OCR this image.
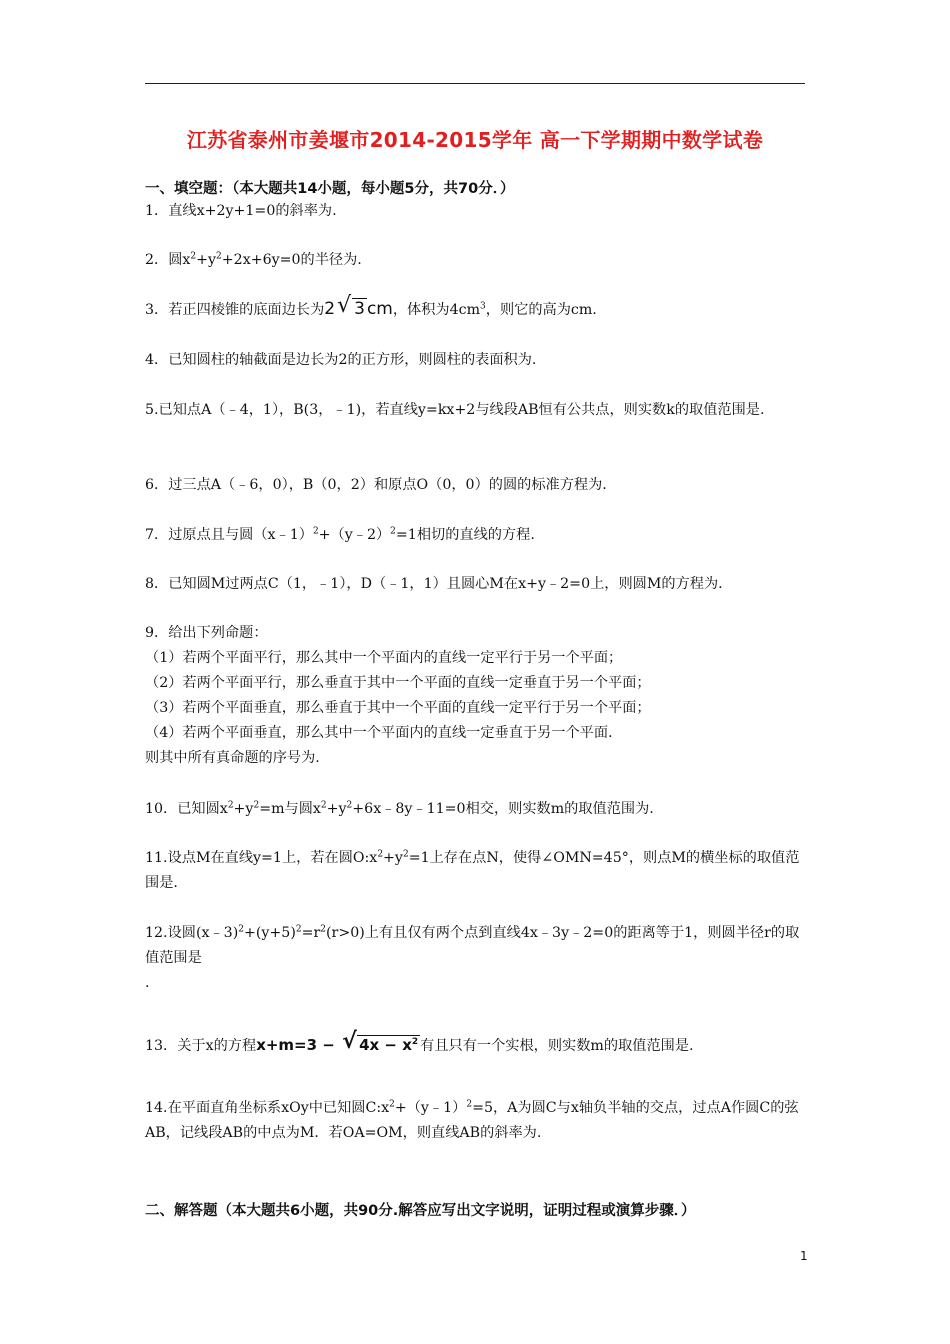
江苏省泰州市姜堰市2014-2015学年 高一下学期期中数学试卷
一、填空题：（本大题共14小题，每小题5分，共70分．）
1．直线x+2y+1=0的斜率为.
2．圆$x^2+y^2+2x+6y=0$的半径为.
3．若正四棱锥的底面边长为2 √ 3 cm，体积为$4cm^3$，则它的高为cm.
4．已知圆柱的轴截面是边长为2的正方形，则圆柱的表面积为.
5.已知点A（﹣4，1），B(3，﹣1)，若直线y=kx+2与线段AB恒有公共点，则实数k的取值范围是.
6．过三点A（﹣6，0），B（0，2）和原点O（0，0）的圆的标准方程为.
7．过原点且与圆（x﹣1）$^2$+（y﹣2）$^2$=1相切的直线的方程.
8．已知圆M过两点C（1，﹣1），D（﹣1，1）且圆心M在x+y﹣2=0上，则圆M的方程为.
9．给出下列命题：
（1）若两个平面平行，那么其中一个平面内的直线一定平行于另一个平面；
（2）若两个平面平行，那么垂直于其中一个平面的直线一定垂直于另一个平面；
（3）若两个平面垂直，那么垂直于其中一个平面的直线一定平行于另一个平面；
（4）若两个平面垂直，那么其中一个平面内的直线一定垂直于另一个平面.
则其中所有真命题的序号为.
10．已知圆$x^2+y^2=m$与圆$x^2+y^2+6x﹣8y﹣11=0$相交，则实数m的取值范围为.
11.设点M在直线y=1上，若在圆$O:x^2+y^2=1$上存在点N，使得∠OMN=45°，则点M的横坐标的取值范围是.
12.设圆$(x﹣3)^2+(y+5)^2=r^2(r>0)$上有且仅有两个点到直线4x﹣3y﹣2=0的距离等于1，则圆半径r的取值范围是
.
13．关于x的方程x+m=3 − √ $4x - x^2$ 有且只有一个实根，则实数m的取值范围是.
14.在平面直角坐标系xOy中已知圆$C:x^2+(y﹣1)^2=5$，A为圆C与x轴负半轴的交点，过点A作圆C的弦AB，记线段AB的中点为M．若OA=OM，则直线AB的斜率为.
二、解答题（本大题共6小题，共90分.解答应写出文字说明，证明过程或演算步骤．）
1
